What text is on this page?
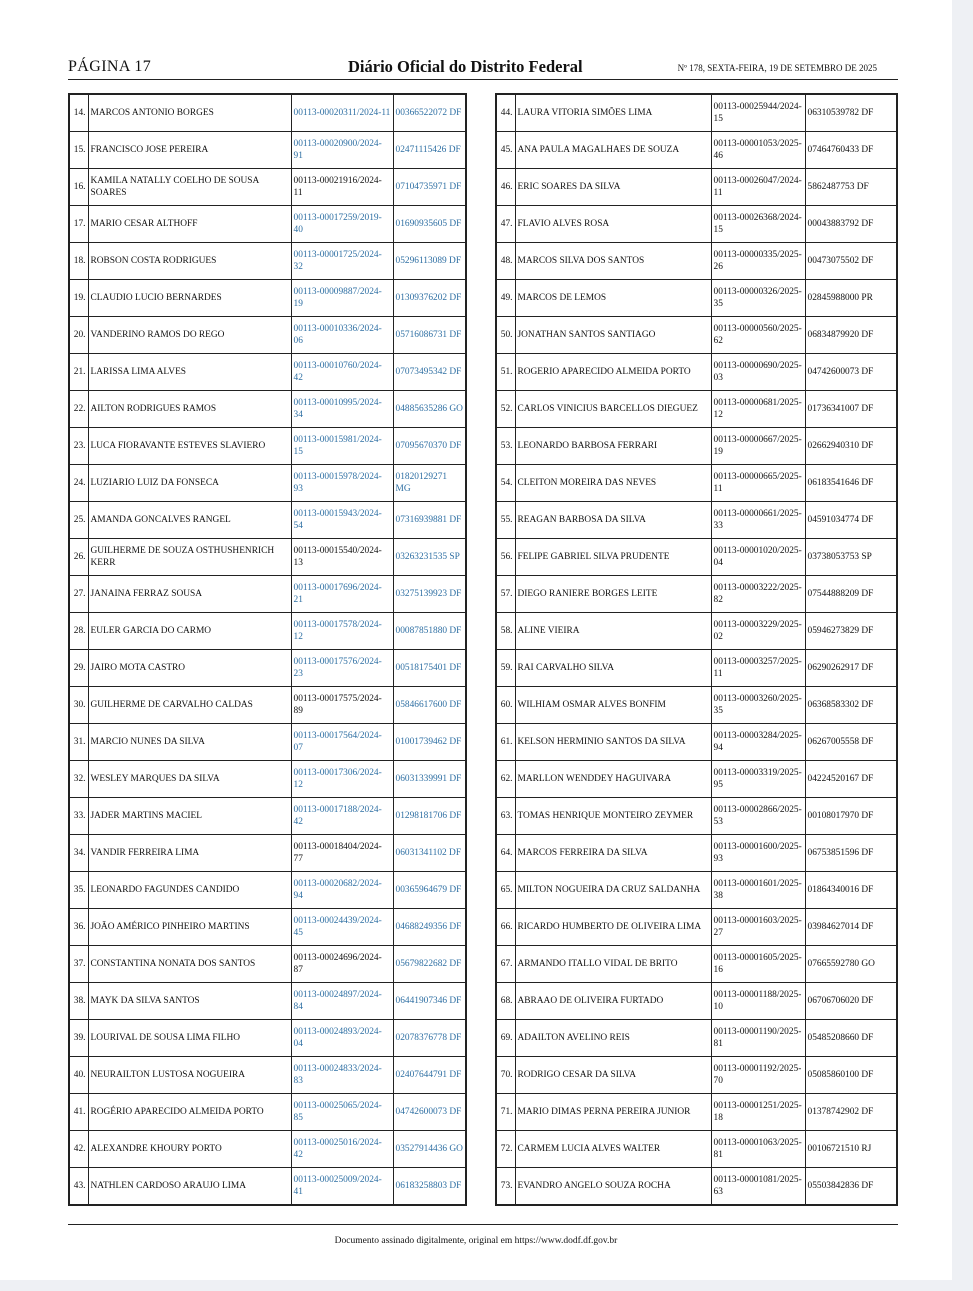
PÁGINA 17	Diário Oficial do Distrito Federal	Nº 178, SEXTA-FEIRA, 19 DE SETEMBRO DE 2025
14.	MARCOS ANTONIO BORGES	00113-00020311/2024-11	00366522072 DF
15.	FRANCISCO JOSE PEREIRA	00113-00020900/2024-91	02471115426 DF
16.	KAMILA NATALLY COELHO DE SOUSA SOARES	00113-00021916/2024-11	07104735971 DF
17.	MARIO CESAR ALTHOFF	00113-00017259/2019-40	01690935605 DF
18.	ROBSON COSTA RODRIGUES	00113-00001725/2024-32	05296113089 DF
19.	CLAUDIO LUCIO BERNARDES	00113-00009887/2024-19	01309376202 DF
20.	VANDERINO RAMOS DO REGO	00113-00010336/2024-06	05716086731 DF
21.	LARISSA LIMA ALVES	00113-00010760/2024-42	07073495342 DF
22.	AILTON RODRIGUES RAMOS	00113-00010995/2024-34	04885635286 GO
23.	LUCA FIORAVANTE ESTEVES SLAVIERO	00113-00015981/2024-15	07095670370 DF
24.	LUZIARIO LUIZ DA FONSECA	00113-00015978/2024-93	01820129271 MG
25.	AMANDA GONCALVES RANGEL	00113-00015943/2024-54	07316939881 DF
26.	GUILHERME DE SOUZA OSTHUSHENRICH KERR	00113-00015540/2024-13	03263231535 SP
27.	JANAINA FERRAZ SOUSA	00113-00017696/2024-21	03275139923 DF
28.	EULER GARCIA DO CARMO	00113-00017578/2024-12	00087851880 DF
29.	JAIRO MOTA CASTRO	00113-00017576/2024-23	00518175401 DF
30.	GUILHERME DE CARVALHO CALDAS	00113-00017575/2024-89	05846617600 DF
31.	MARCIO NUNES DA SILVA	00113-00017564/2024-07	01001739462 DF
32.	WESLEY MARQUES DA SILVA	00113-00017306/2024-12	06031339991 DF
33.	JADER MARTINS MACIEL	00113-00017188/2024-42	01298181706 DF
34.	VANDIR FERREIRA LIMA	00113-00018404/2024-77	06031341102 DF
35.	LEONARDO FAGUNDES CANDIDO	00113-00020682/2024-94	00365964679 DF
36.	JOÃO AMÉRICO PINHEIRO MARTINS	00113-00024439/2024-45	04688249356 DF
37.	CONSTANTINA NONATA DOS SANTOS	00113-00024696/2024-87	05679822682 DF
38.	MAYK DA SILVA SANTOS	00113-00024897/2024-84	06441907346 DF
39.	LOURIVAL DE SOUSA LIMA FILHO	00113-00024893/2024-04	02078376778 DF
40.	NEURAILTON LUSTOSA NOGUEIRA	00113-00024833/2024-83	02407644791 DF
41.	ROGÉRIO APARECIDO ALMEIDA PORTO	00113-00025065/2024-85	04742600073 DF
42.	ALEXANDRE KHOURY PORTO	00113-00025016/2024-42	03527914436 GO
43.	NATHLEN CARDOSO ARAUJO LIMA	00113-00025009/2024-41	06183258803 DF
44.	LAURA VITORIA SIMÕES LIMA	00113-00025944/2024-15	06310539782 DF
45.	ANA PAULA MAGALHAES DE SOUZA	00113-00001053/2025-46	07464760433 DF
46.	ERIC SOARES DA SILVA	00113-00026047/2024-11	5862487753 DF
47.	FLAVIO ALVES ROSA	00113-00026368/2024-15	00043883792 DF
48.	MARCOS SILVA DOS SANTOS	00113-00000335/2025-26	00473075502 DF
49.	MARCOS DE LEMOS	00113-00000326/2025-35	02845988000 PR
50.	JONATHAN SANTOS SANTIAGO	00113-00000560/2025-62	06834879920 DF
51.	ROGERIO APARECIDO ALMEIDA PORTO	00113-00000690/2025-03	04742600073 DF
52.	CARLOS VINICIUS BARCELLOS DIEGUEZ	00113-00000681/2025-12	01736341007 DF
53.	LEONARDO BARBOSA FERRARI	00113-00000667/2025-19	02662940310 DF
54.	CLEITON MOREIRA DAS NEVES	00113-00000665/2025-11	06183541646 DF
55.	REAGAN BARBOSA DA SILVA	00113-00000661/2025-33	04591034774 DF
56.	FELIPE GABRIEL SILVA PRUDENTE	00113-00001020/2025-04	03738053753 SP
57.	DIEGO RANIERE BORGES LEITE	00113-00003222/2025-82	07544888209 DF
58.	ALINE VIEIRA	00113-00003229/2025-02	05946273829 DF
59.	RAI CARVALHO SILVA	00113-00003257/2025-11	06290262917 DF
60.	WILHIAM OSMAR ALVES BONFIM	00113-00003260/2025-35	06368583302 DF
61.	KELSON HERMINIO SANTOS DA SILVA	00113-00003284/2025-94	06267005558 DF
62.	MARLLON WENDDEY HAGUIVARA	00113-00003319/2025-95	04224520167 DF
63.	TOMAS HENRIQUE MONTEIRO ZEYMER	00113-00002866/2025-53	00108017970 DF
64.	MARCOS FERREIRA DA SILVA	00113-00001600/2025-93	06753851596 DF
65.	MILTON NOGUEIRA DA CRUZ SALDANHA	00113-00001601/2025-38	01864340016 DF
66.	RICARDO HUMBERTO DE OLIVEIRA LIMA	00113-00001603/2025-27	03984627014 DF
67.	ARMANDO ITALLO VIDAL DE BRITO	00113-00001605/2025-16	07665592780 GO
68.	ABRAAO DE OLIVEIRA FURTADO	00113-00001188/2025-10	06706706020 DF
69.	ADAILTON AVELINO REIS	00113-00001190/2025-81	05485208660 DF
70.	RODRIGO CESAR DA SILVA	00113-00001192/2025-70	05085860100 DF
71.	MARIO DIMAS PERNA PEREIRA JUNIOR	00113-00001251/2025-18	01378742902 DF
72.	CARMEM LUCIA ALVES WALTER	00113-00001063/2025-81	00106721510 RJ
73.	EVANDRO ANGELO SOUZA ROCHA	00113-00001081/2025-63	05503842836 DF
Documento assinado digitalmente, original em https://www.dodf.df.gov.br
